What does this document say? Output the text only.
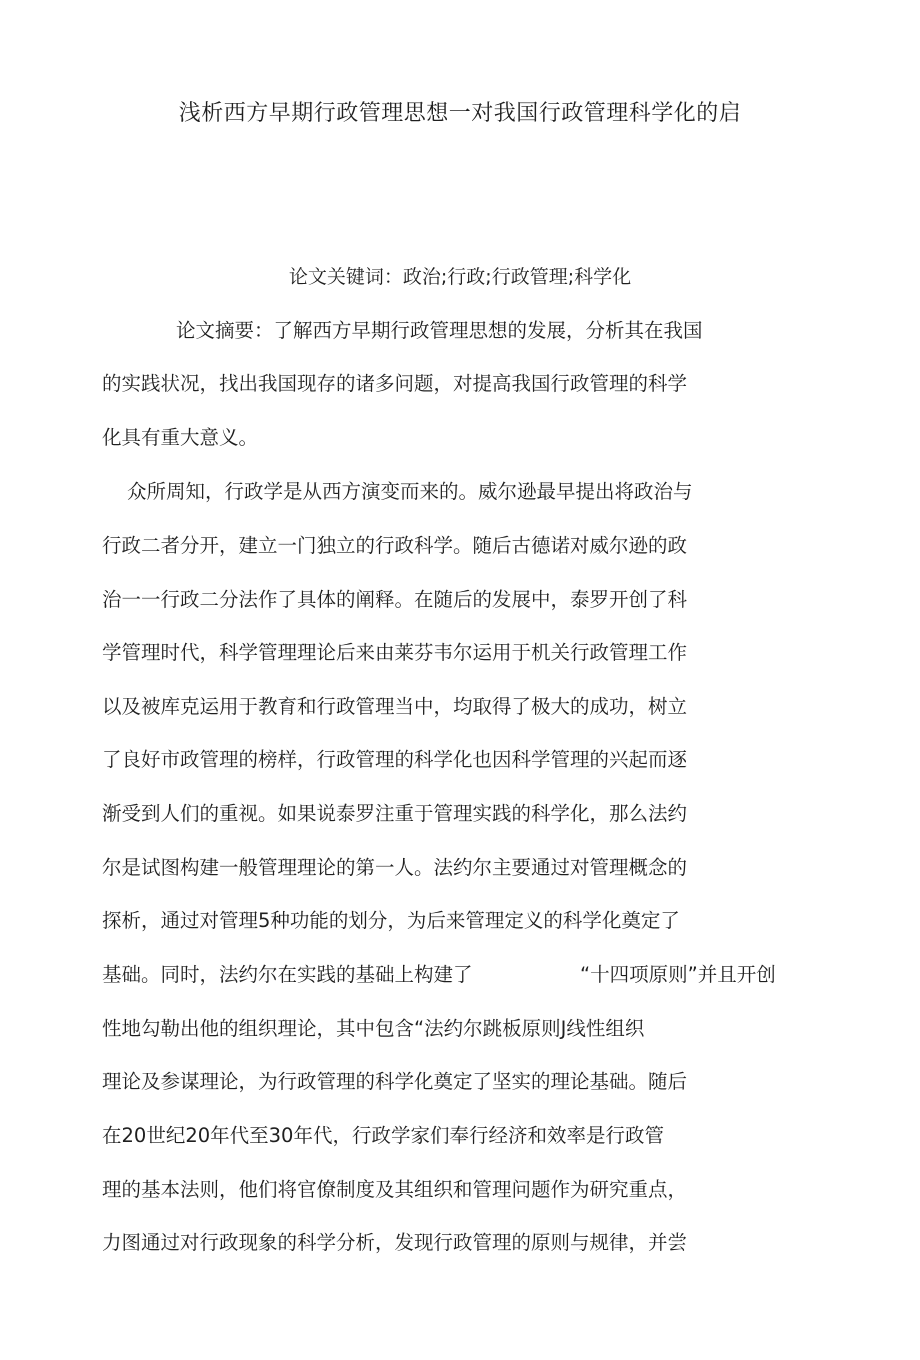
浅析西方早期行政管理思想一对我国行政管理科学化的启
论文关键词：政治;行政;行政管理;科学化
论文摘要：了解西方早期行政管理思想的发展，分析其在我国
的实践状况，找出我国现存的诸多问题，对提高我国行政管理的科学
化具有重大意义。
众所周知，行政学是从西方演变而来的。威尔逊最早提出将政治与
行政二者分开，建立一门独立的行政科学。随后古德诺对威尔逊的政
治一一行政二分法作了具体的阐释。在随后的发展中，泰罗开创了科
学管理时代，科学管理理论后来由莱芬韦尔运用于机关行政管理工作
以及被库克运用于教育和行政管理当中，均取得了极大的成功，树立
了良好市政管理的榜样，行政管理的科学化也因科学管理的兴起而逐
渐受到人们的重视。如果说泰罗注重于管理实践的科学化，那么法约
尔是试图构建一般管理理论的第一人。法约尔主要通过对管理概念的
探析，通过对管理5种功能的划分，为后来管理定义的科学化奠定了
基础。同时，法约尔在实践的基础上构建了	“十四项原则”并且开创
性地勾勒出他的组织理论，其中包含“法约尔跳板原则J线性组织
理论及参谋理论，为行政管理的科学化奠定了坚实的理论基础。随后
在20世纪20年代至30年代，行政学家们奉行经济和效率是行政管
理的基本法则，他们将官僚制度及其组织和管理问题作为研究重点，
力图通过对行政现象的科学分析，发现行政管理的原则与规律，并尝
